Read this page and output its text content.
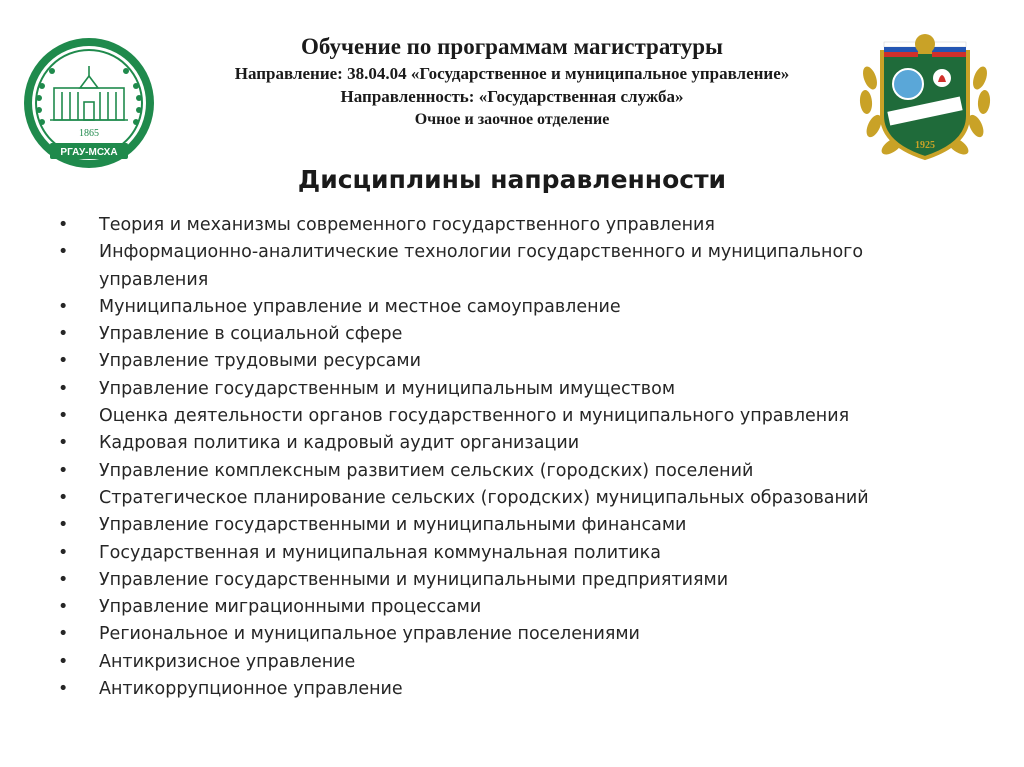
1865
РГАУ-МСХА

Обучение по программам магистратуры

Направление: 38.04.04 «Государственное и муниципальное управление»

Направленность: «Государственная служба»

Очное и заочное отделение

1925
Дисциплины направленности
• Теория и механизмы современного государственного управления
• Информационно-аналитические технологии государственного и муниципального управления
• Муниципальное управление и местное самоуправление
• Управление в социальной сфере
• Управление трудовыми ресурсами
• Управление государственным и муниципальным имуществом
• Оценка деятельности органов государственного и муниципального управления
• Кадровая политика и кадровый аудит организации
• Управление комплексным развитием сельских (городских) поселений
• Стратегическое планирование сельских (городских) муниципальных образований
• Управление государственными и муниципальными финансами
• Государственная и муниципальная коммунальная политика
• Управление государственными и муниципальными предприятиями
• Управление миграционными процессами
• Региональное и муниципальное управление поселениями
• Антикризисное управление
• Антикоррупционное управление
